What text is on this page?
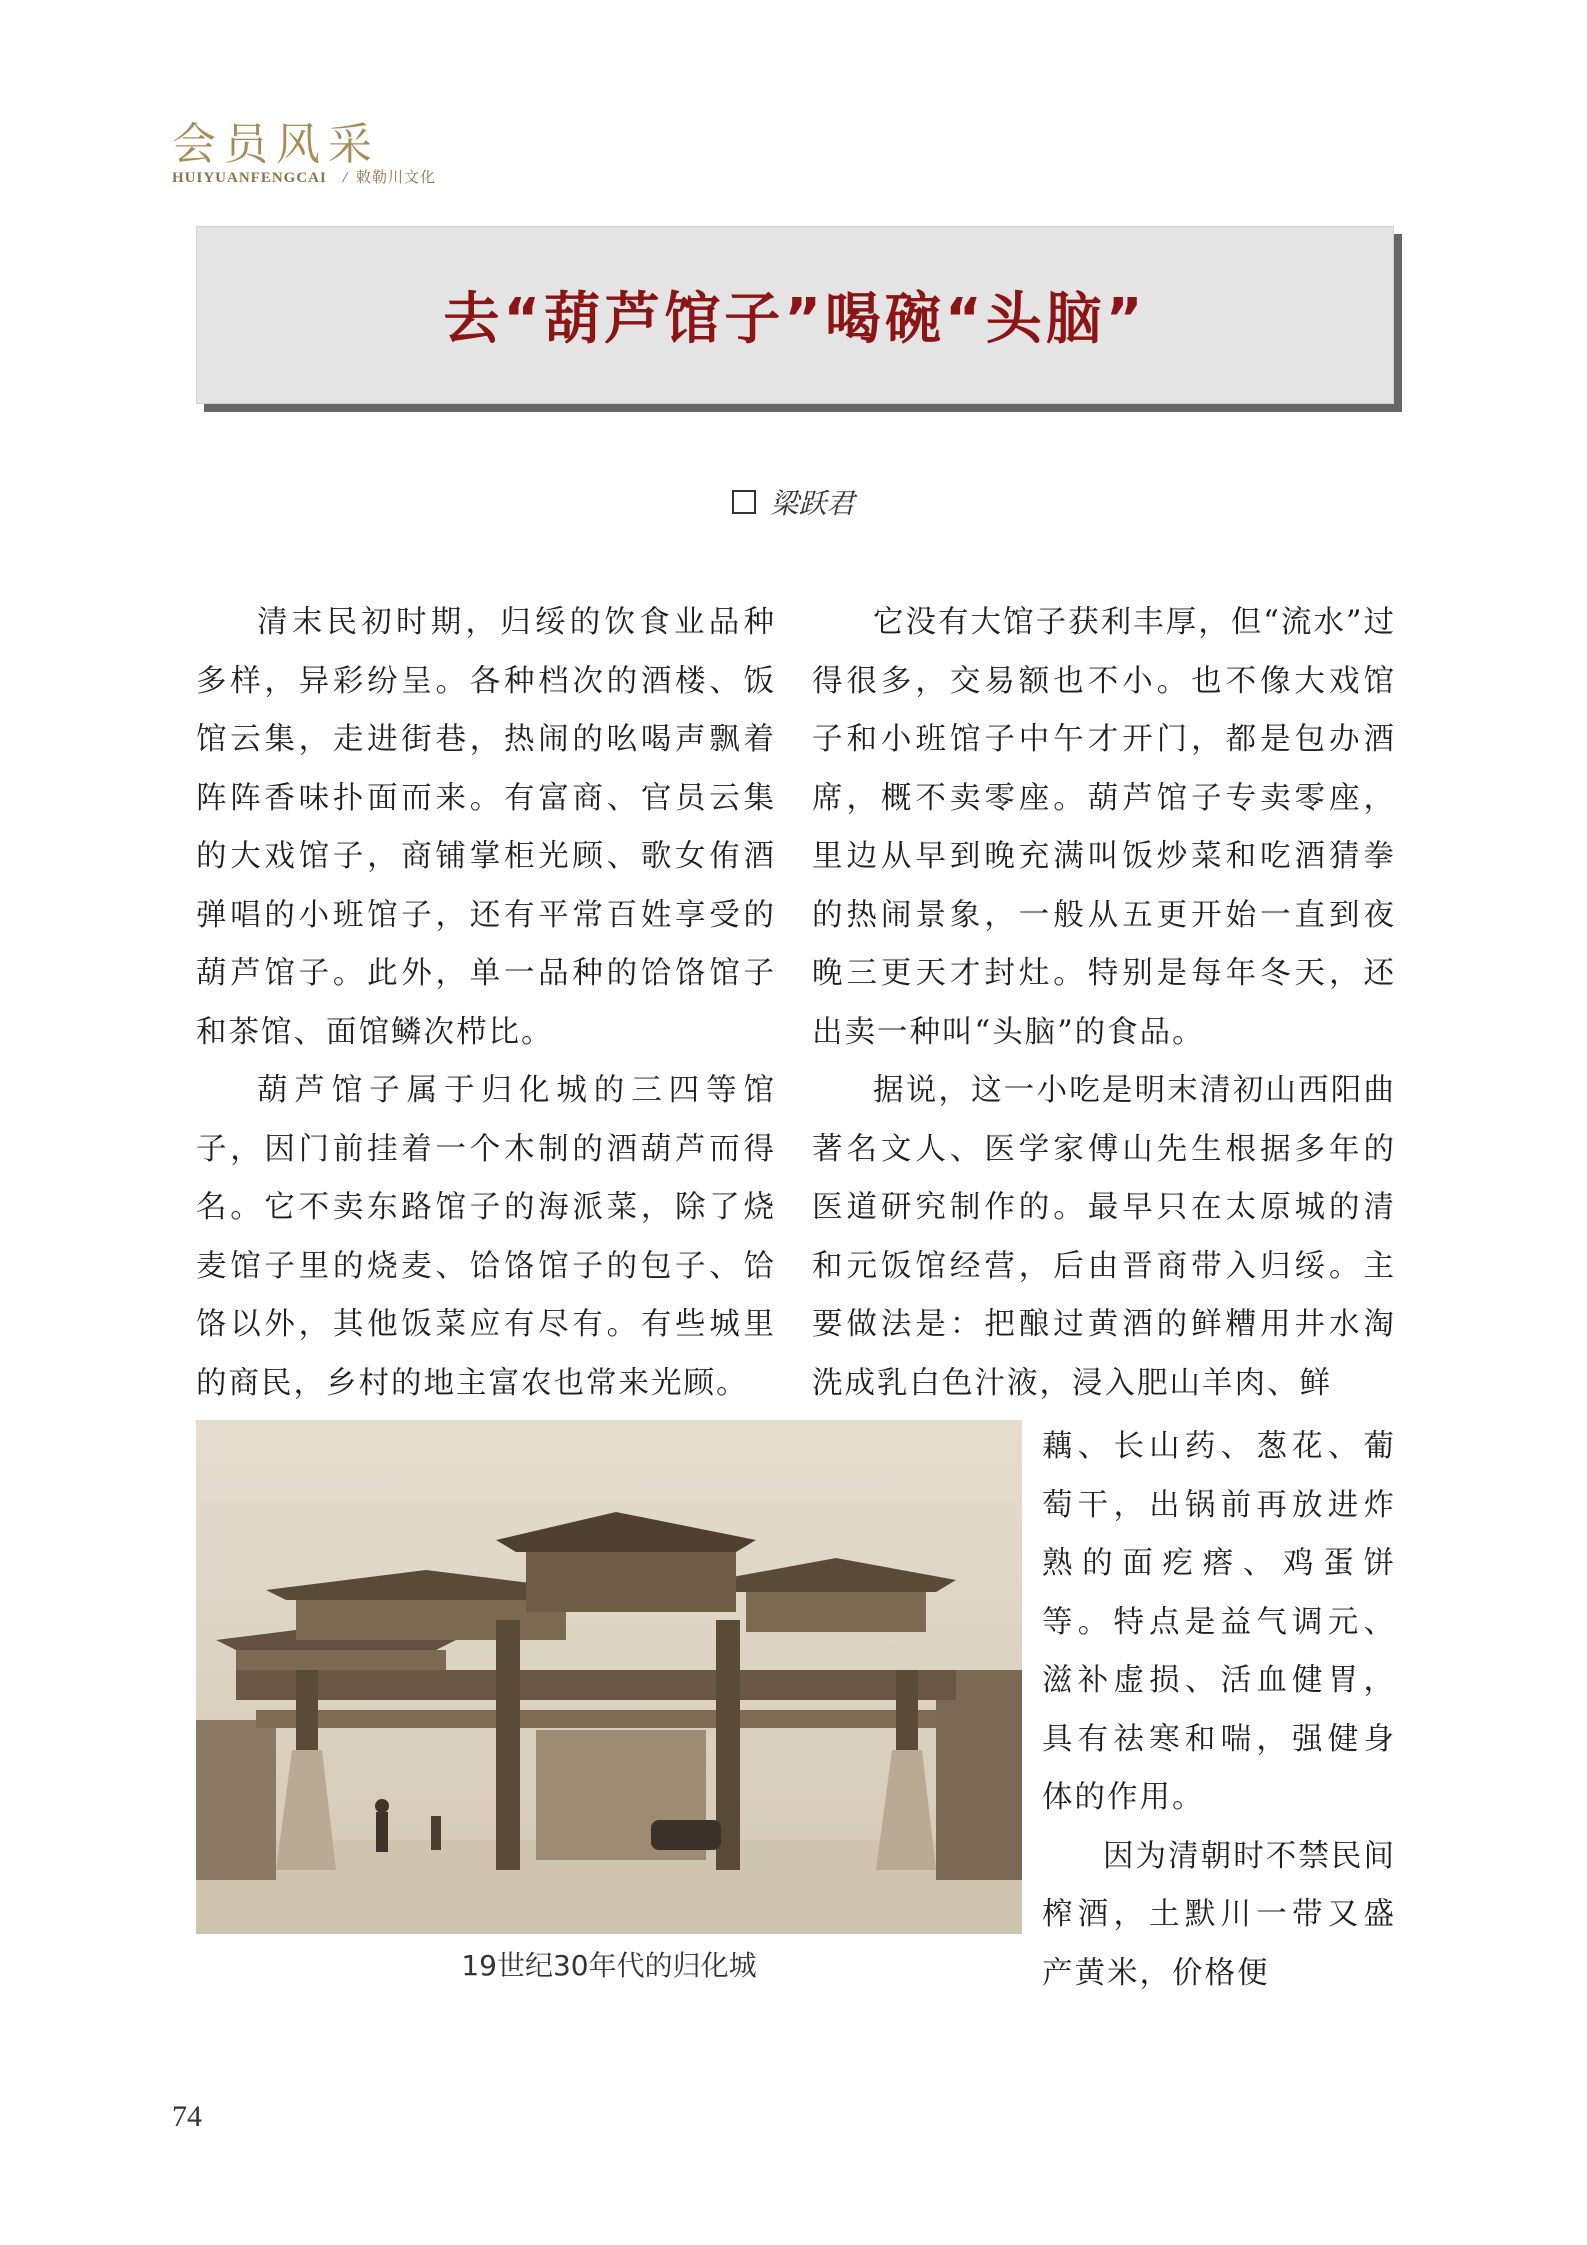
会员风采
HUIYUANFENGCAI / 敕勒川文化
去“葫芦馆子”喝碗“头脑”
梁跃君

清末民初时期，归绥的饮食业品种多样，异彩纷呈。各种档次的酒楼、饭馆云集，走进街巷，热闹的吆喝声飘着阵阵香味扑面而来。有富商、官员云集的大戏馆子，商铺掌柜光顾、歌女侑酒弹唱的小班馆子，还有平常百姓享受的葫芦馆子。此外，单一品种的饸饹馆子和茶馆、面馆鳞次栉比。

葫芦馆子属于归化城的三四等馆子，因门前挂着一个木制的酒葫芦而得名。它不卖东路馆子的海派菜，除了烧麦馆子里的烧麦、饸饹馆子的包子、饸饹以外，其他饭菜应有尽有。有些城里的商民，乡村的地主富农也常来光顾。

它没有大馆子获利丰厚，但“流水”过得很多，交易额也不小。也不像大戏馆子和小班馆子中午才开门，都是包办酒席，概不卖零座。葫芦馆子专卖零座，里边从早到晚充满叫饭炒菜和吃酒猜拳的热闹景象，一般从五更开始一直到夜晚三更天才封灶。特别是每年冬天，还出卖一种叫“头脑”的食品。

据说，这一小吃是明末清初山西阳曲著名文人、医学家傅山先生根据多年的医道研究制作的。最早只在太原城的清和元饭馆经营，后由晋商带入归绥。主要做法是：把酿过黄酒的鲜糟用井水淘洗成乳白色汁液，浸入肥山羊肉、鲜

藕、长山药、葱花、葡萄干，出锅前再放进炸熟的面疙瘩、鸡蛋饼等。特点是益气调元、滋补虚损、活血健胃，具有祛寒和喘，强健身体的作用。

因为清朝时不禁民间榨酒，土默川一带又盛产黄米，价格便

19世纪30年代的归化城
74
